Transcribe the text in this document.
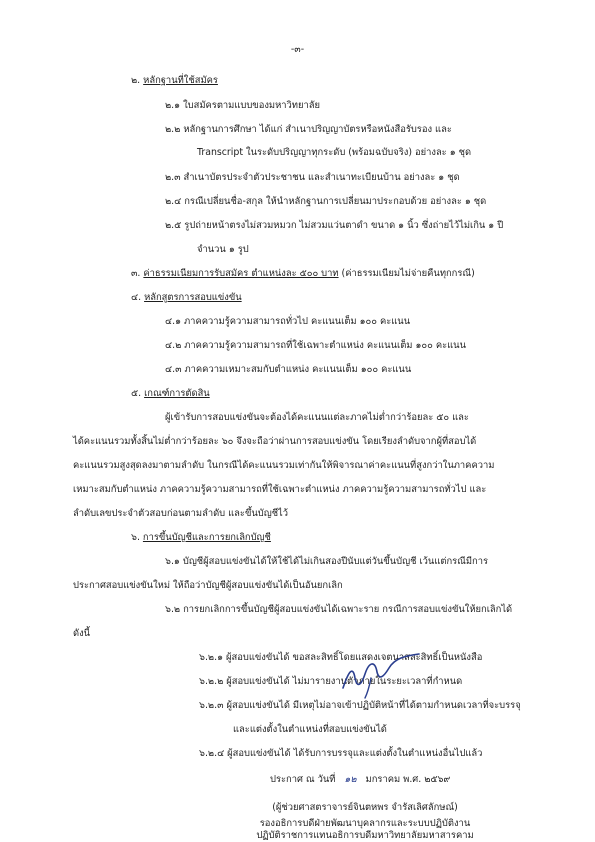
-๓-
๒. หลักฐานที่ใช้สมัคร
๒.๑ ใบสมัครตามแบบของมหาวิทยาลัย
๒.๒ หลักฐานการศึกษา ได้แก่ สำเนาปริญญาบัตรหรือหนังสือรับรอง และ
Transcript ในระดับปริญญาทุกระดับ (พร้อมฉบับจริง) อย่างละ ๑ ชุด
๒.๓ สำเนาบัตรประจำตัวประชาชน และสำเนาทะเบียนบ้าน อย่างละ ๑ ชุด
๒.๔ กรณีเปลี่ยนชื่อ-สกุล ให้นำหลักฐานการเปลี่ยนมาประกอบด้วย อย่างละ ๑ ชุด
๒.๕ รูปถ่ายหน้าตรงไม่สวมหมวก ไม่สวมแว่นตาดำ ขนาด ๑ นิ้ว ซึ่งถ่ายไว้ไม่เกิน ๑ ปี
จำนวน ๑ รูป
๓. ค่าธรรมเนียมการรับสมัคร ตำแหน่งละ ๕๐๐ บาท (ค่าธรรมเนียมไม่จ่ายคืนทุกกรณี)
๔. หลักสูตรการสอบแข่งขัน
๔.๑ ภาคความรู้ความสามารถทั่วไป คะแนนเต็ม ๑๐๐ คะแนน
๔.๒ ภาคความรู้ความสามารถที่ใช้เฉพาะตำแหน่ง คะแนนเต็ม ๑๐๐ คะแนน
๔.๓ ภาคความเหมาะสมกับตำแหน่ง คะแนนเต็ม ๑๐๐ คะแนน
๕. เกณฑ์การตัดสิน
ผู้เข้ารับการสอบแข่งขันจะต้องได้คะแนนแต่ละภาคไม่ต่ำกว่าร้อยละ ๕๐ และ
ได้คะแนนรวมทั้งสิ้นไม่ต่ำกว่าร้อยละ ๖๐ จึงจะถือว่าผ่านการสอบแข่งขัน โดยเรียงลำดับจากผู้ที่สอบได้
คะแนนรวมสูงสุดลงมาตามลำดับ ในกรณีได้คะแนนรวมเท่ากันให้พิจารณาค่าคะแนนที่สูงกว่าในภาคความ
เหมาะสมกับตำแหน่ง ภาคความรู้ความสามารถที่ใช้เฉพาะตำแหน่ง ภาคความรู้ความสามารถทั่วไป และ
ลำดับเลขประจำตัวสอบก่อนตามลำดับ และขึ้นบัญชีไว้
๖. การขึ้นบัญชีและการยกเลิกบัญชี
๖.๑ บัญชีผู้สอบแข่งขันได้ให้ใช้ได้ไม่เกินสองปีนับแต่วันขึ้นบัญชี เว้นแต่กรณีมีการ
ประกาศสอบแข่งขันใหม่ ให้ถือว่าบัญชีผู้สอบแข่งขันได้เป็นอันยกเลิก
๖.๒ การยกเลิกการขึ้นบัญชีผู้สอบแข่งขันได้เฉพาะราย กรณีการสอบแข่งขันให้ยกเลิกได้
ดังนี้
๖.๒.๑ ผู้สอบแข่งขันได้ ขอสละสิทธิ์โดยแสดงเจตนาสละสิทธิ์เป็นหนังสือ
๖.๒.๒ ผู้สอบแข่งขันได้ ไม่มารายงานตัวภายในระยะเวลาที่กำหนด
๖.๒.๓ ผู้สอบแข่งขันได้ มีเหตุไม่อาจเข้าปฏิบัติหน้าที่ได้ตามกำหนดเวลาที่จะบรรจุ
และแต่งตั้งในตำแหน่งที่สอบแข่งขันได้
๖.๒.๔ ผู้สอบแข่งขันได้ ได้รับการบรรจุและแต่งตั้งในตำแหน่งอื่นไปแล้ว
ประกาศ ณ วันที่ ๑๒ มกราคม พ.ศ. ๒๕๖๙
(ผู้ช่วยศาสตราจารย์จินตหพร จำรัสเลิศลักษณ์)
รองอธิการบดีฝ่ายพัฒนาบุคลากรและระบบปฏิบัติงาน
ปฏิบัติราชการแทนอธิการบดีมหาวิทยาลัยมหาสารคาม
